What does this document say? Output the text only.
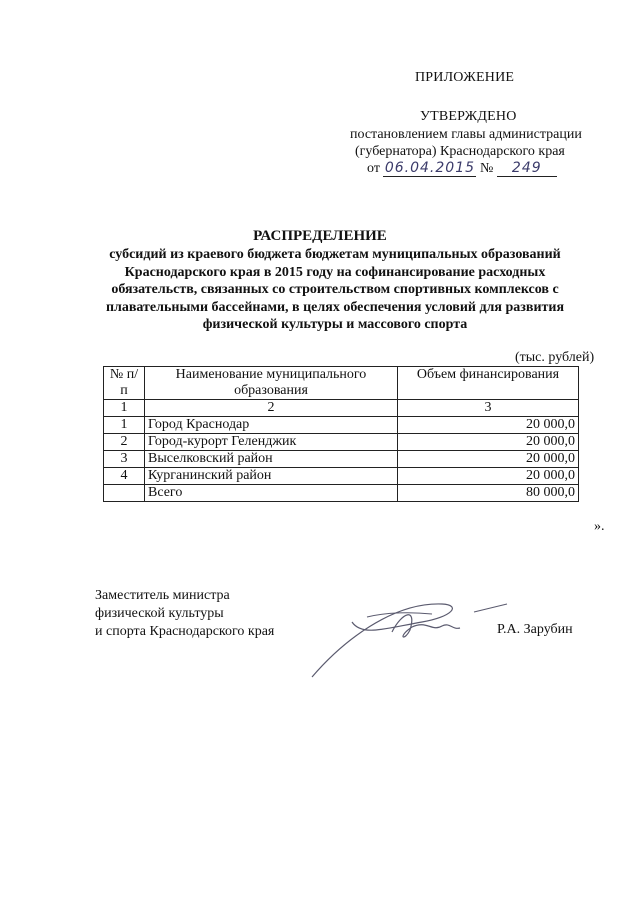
ПРИЛОЖЕНИЕ
УТВЕРЖДЕНО
постановлением главы администрации
(губернатора) Краснодарского края
от 06.04.2015 № 249
РАСПРЕДЕЛЕНИЕ
субсидий из краевого бюджета бюджетам муниципальных образований Краснодарского края в 2015 году на софинансирование расходных обязательств, связанных со строительством спортивных комплексов с плавательными бассейнами, в целях обеспечения условий для развития физической культуры и массового спорта
(тыс. рублей)
№ п/п	Наименование муниципального образования	Объем финансирования
1	2	3
1	Город Краснодар	20 000,0
2	Город-курорт Геленджик	20 000,0
3	Выселковский район	20 000,0
4	Курганинский район	20 000,0
	Всего	80 000,0
».
Заместитель министра
физической культуры
и спорта Краснодарского края	Р.А. Зарубин
